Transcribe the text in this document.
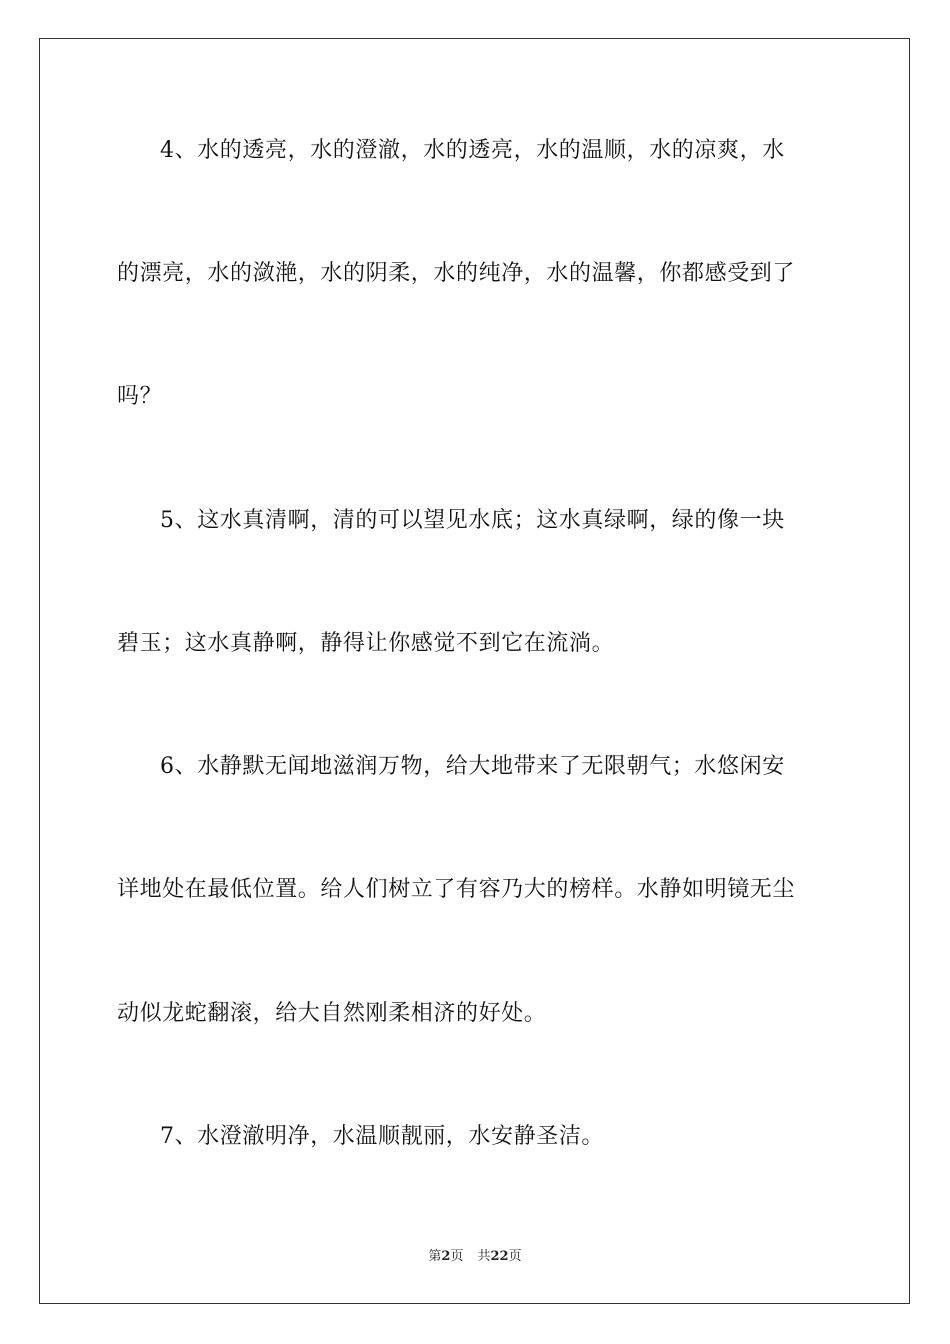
4、水的透亮，水的澄澈，水的透亮，水的温顺，水的凉爽，水
的漂亮，水的潋滟，水的阴柔，水的纯净，水的温馨，你都感受到了
吗？
5、这水真清啊，清的可以望见水底；这水真绿啊，绿的像一块
碧玉；这水真静啊，静得让你感觉不到它在流淌。
6、水静默无闻地滋润万物，给大地带来了无限朝气；水悠闲安
详地处在最低位置。给人们树立了有容乃大的榜样。水静如明镜无尘
动似龙蛇翻滚，给大自然刚柔相济的好处。
7、水澄澈明净，水温顺靓丽，水安静圣洁。
第2页 共22页
